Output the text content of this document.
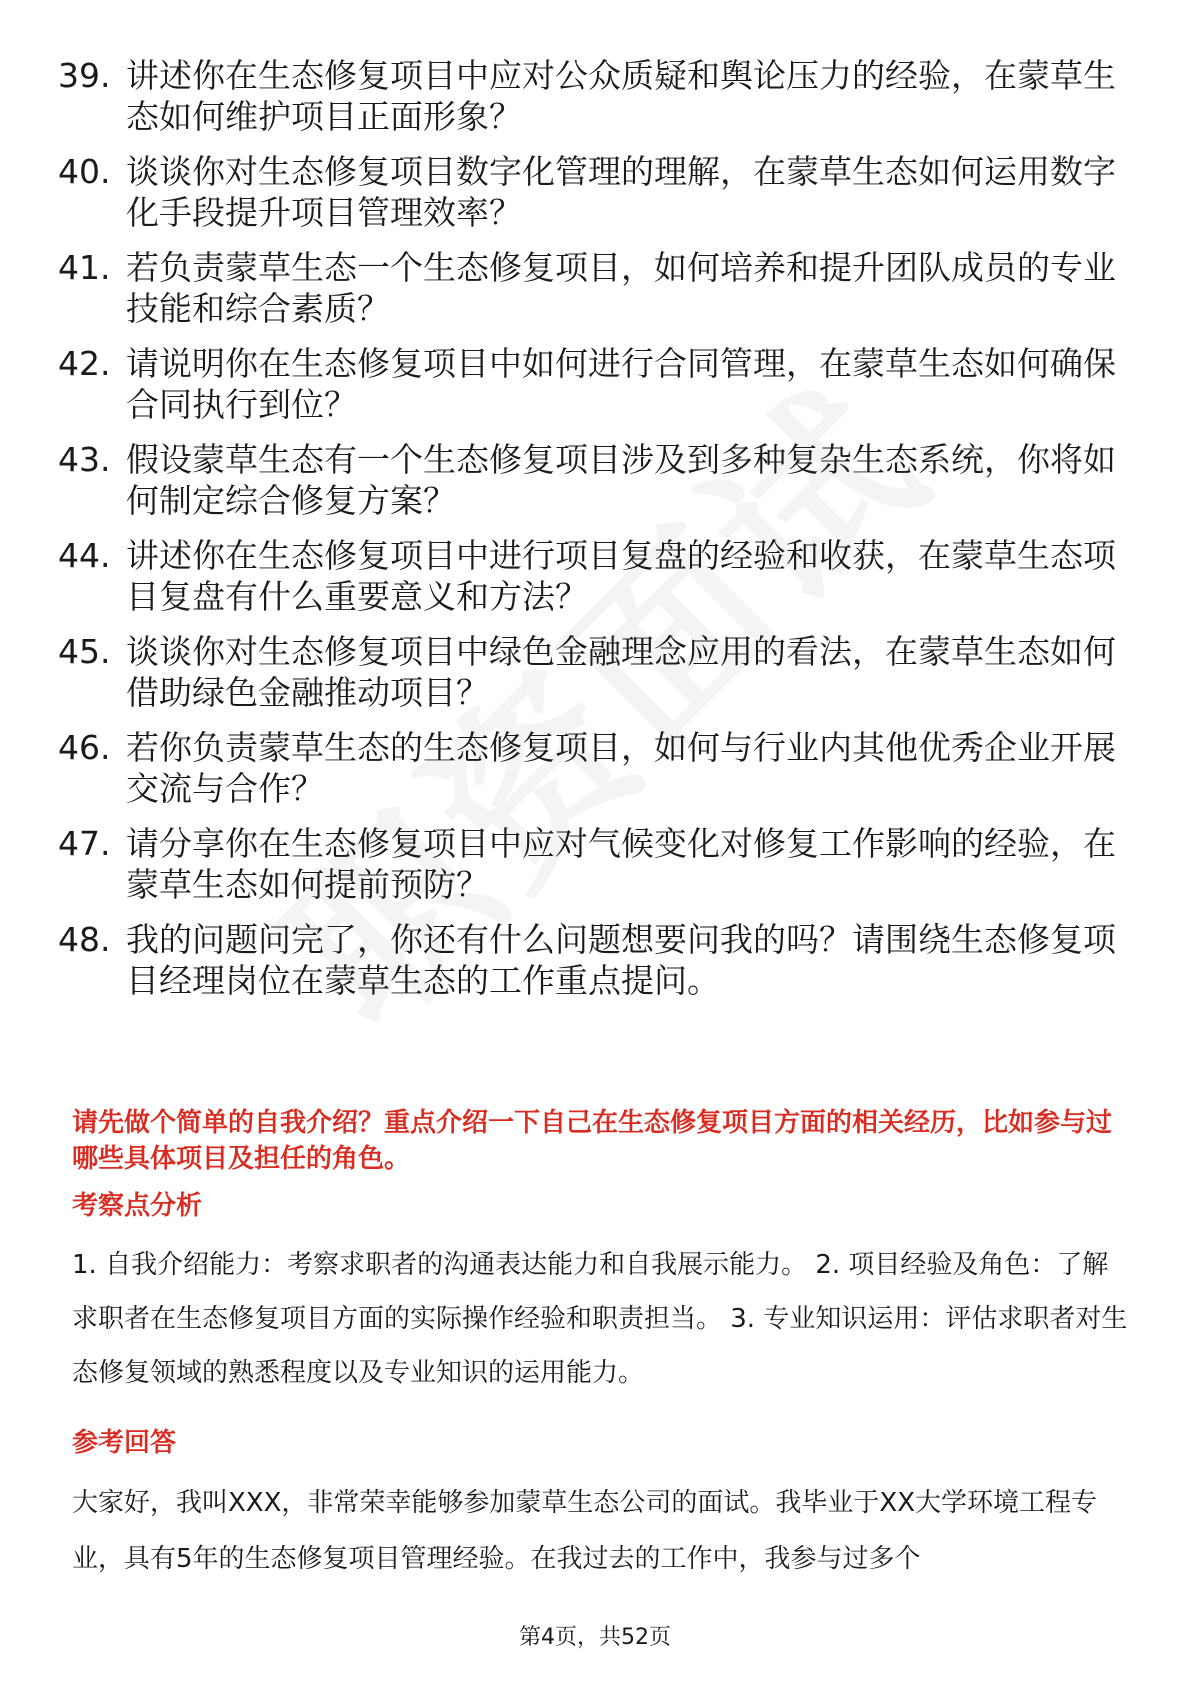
39. 讲述你在生态修复项目中应对公众质疑和舆论压力的经验，在蒙草生态如何维护项目正面形象？
40. 谈谈你对生态修复项目数字化管理的理解，在蒙草生态如何运用数字化手段提升项目管理效率？
41. 若负责蒙草生态一个生态修复项目，如何培养和提升团队成员的专业技能和综合素质？
42. 请说明你在生态修复项目中如何进行合同管理，在蒙草生态如何确保合同执行到位？
43. 假设蒙草生态有一个生态修复项目涉及到多种复杂生态系统，你将如何制定综合修复方案？
44. 讲述你在生态修复项目中进行项目复盘的经验和收获，在蒙草生态项目复盘有什么重要意义和方法？
45. 谈谈你对生态修复项目中绿色金融理念应用的看法，在蒙草生态如何借助绿色金融推动项目？
46. 若你负责蒙草生态的生态修复项目，如何与行业内其他优秀企业开展交流与合作？
47. 请分享你在生态修复项目中应对气候变化对修复工作影响的经验，在蒙草生态如何提前预防？
48. 我的问题问完了，你还有什么问题想要问我的吗？请围绕生态修复项目经理岗位在蒙草生态的工作重点提问。

请先做个简单的自我介绍？重点介绍一下自己在生态修复项目方面的相关经历，比如参与过哪些具体项目及担任的角色。

考察点分析

1. 自我介绍能力：考察求职者的沟通表达能力和自我展示能力。 2. 项目经验及角色：了解求职者在生态修复项目方面的实际操作经验和职责担当。 3. 专业知识运用：评估求职者对生态修复领域的熟悉程度以及专业知识的运用能力。

参考回答

大家好，我叫XXX，非常荣幸能够参加蒙草生态公司的面试。我毕业于XX大学环境工程专业，具有5年的生态修复项目管理经验。在我过去的工作中，我参与过多个

第4页，共52页
